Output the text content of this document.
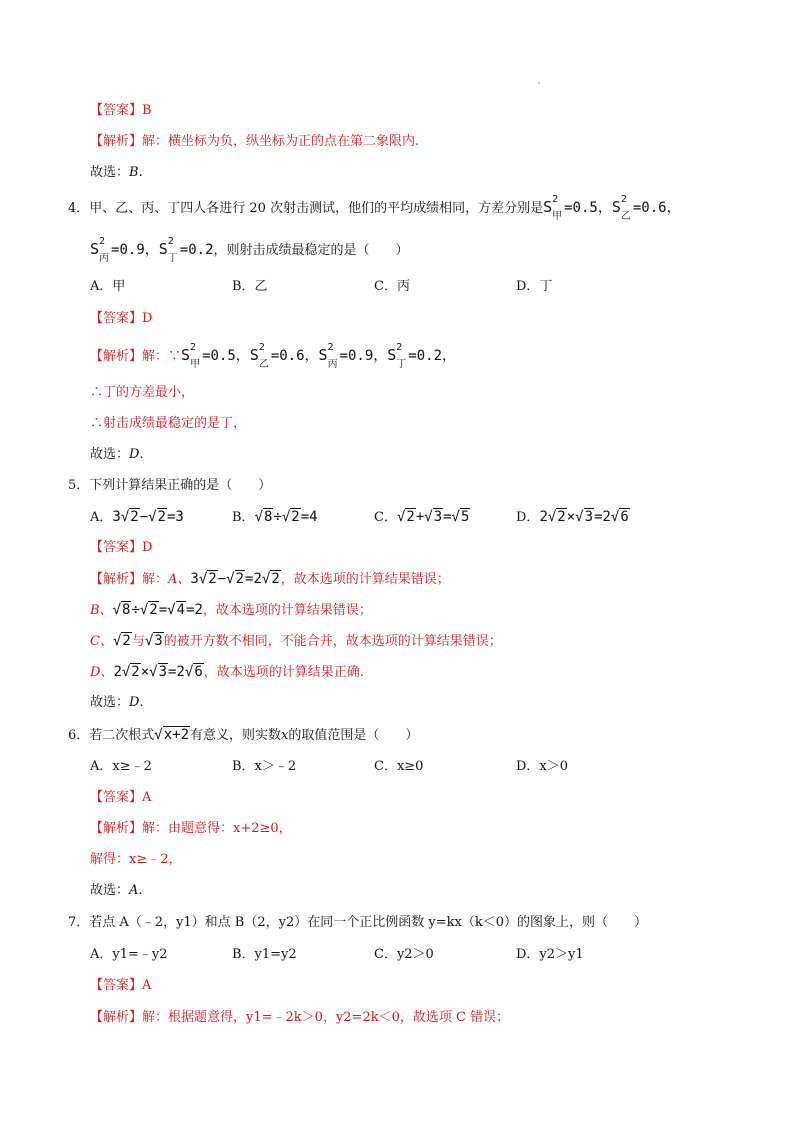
【答案】B
【解析】解：横坐标为负，纵坐标为正的点在第二象限内.
故选：B.
4．甲、乙、丙、丁四人各进行 20 次射击测试，他们的平均成绩相同，方差分别是S 2
$_甲$=0.5，S 2
$_乙$=0.6，
S 2
$_丙$=0.9，S 2
$_丁$=0.2，则射击成绩最稳定的是（　　）
A．甲	B．乙	C．丙	D．丁
【答案】D
【解析】解：∵S 2
$_甲$=0.5，S 2
$_乙$=0.6，S 2
$_丙$=0.9，S 2
$_丁$=0.2，
∴丁的方差最小，
∴射击成绩最稳定的是丁，
故选：D.
5．下列计算结果正确的是（　　）
A．3√2−√2=3	B．√8÷√2=4	C．√2+√3=√5	D．2√2×√3=2√6
【答案】D
【解析】解：A、3√2−√2=2√2，故本选项的计算结果错误；
B、√8÷√2=√4=2，故本选项的计算结果错误；
C、√2与√3的被开方数不相同，不能合并，故本选项的计算结果错误；
D、2√2×√3=2√6，故本选项的计算结果正确.
故选：D.
6．若二次根式√x+2有意义，则实数x的取值范围是（　　）
A．x≥﹣2	B．x＞﹣2	C．x≥0	D．x＞0
【答案】A
【解析】解：由题意得：x+2≥0，
解得：x≥﹣2，
故选：A.
7．若点 A（﹣2，y1）和点 B（2，y2）在同一个正比例函数 y=kx（k＜0）的图象上，则（　　）
A．y1=﹣y2	B．y1=y2	C．y2＞0	D．y2＞y1
【答案】A
【解析】解：根据题意得，y1=﹣2k＞0，y2=2k＜0，故选项 C 错误；
